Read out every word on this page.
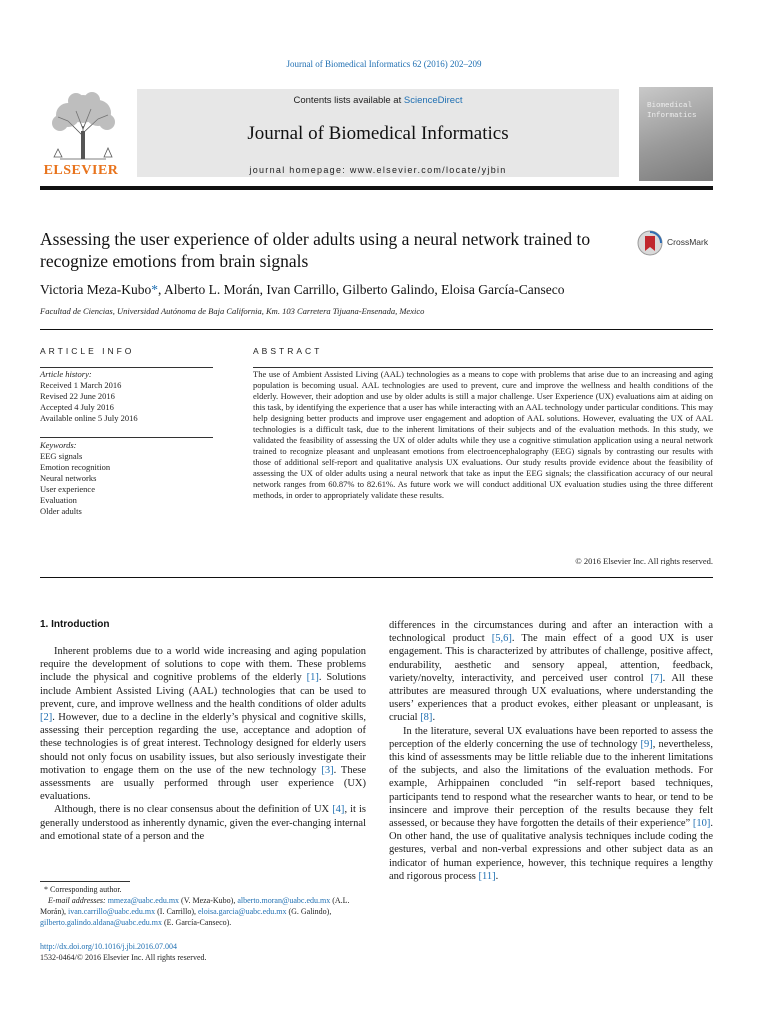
Journal of Biomedical Informatics 62 (2016) 202–209
ELSEVIER
Contents lists available at ScienceDirect
Journal of Biomedical Informatics
journal homepage: www.elsevier.com/locate/yjbin
Biomedical Informatics
Assessing the user experience of older adults using a neural network trained to recognize emotions from brain signals
CrossMark
Victoria Meza-Kubo*, Alberto L. Morán, Ivan Carrillo, Gilberto Galindo, Eloisa García-Canseco
Facultad de Ciencias, Universidad Autónoma de Baja California, Km. 103 Carretera Tijuana-Ensenada, Mexico
ARTICLE INFO	ABSTRACT
Article history:
Received 1 March 2016
Revised 22 June 2016
Accepted 4 July 2016
Available online 5 July 2016
Keywords:
EEG signals
Emotion recognition
Neural networks
User experience
Evaluation
Older adults
The use of Ambient Assisted Living (AAL) technologies as a means to cope with problems that arise due to an increasing and aging population is becoming usual. AAL technologies are used to prevent, cure and improve the wellness and health conditions of the elderly. However, their adoption and use by older adults is still a major challenge. User Experience (UX) evaluations aim at aiding on this task, by identifying the experience that a user has while interacting with an AAL technology under particular conditions. This may help designing better products and improve user engagement and adoption of AAL solutions. However, evaluating the UX of AAL technologies is a difficult task, due to the inherent limitations of their subjects and of the evaluation methods. In this study, we validated the feasibility of assessing the UX of older adults while they use a cognitive stimulation application using a neural network trained to recognize pleasant and unpleasant emotions from electroencephalography (EEG) signals by contrasting our results with those of additional self-report and qualitative analysis UX evaluations. Our study results provide evidence about the feasibility of assessing the UX of older adults using a neural network that take as input the EEG signals; the classification accuracy of our neural network ranges from 60.87% to 82.61%. As future work we will conduct additional UX evaluation studies using the three different methods, in order to appropriately validate these results.
© 2016 Elsevier Inc. All rights reserved.
1. Introduction

Inherent problems due to a world wide increasing and aging population require the development of solutions to cope with them. These problems include the physical and cognitive problems of the elderly [1]. Solutions include Ambient Assisted Living (AAL) technologies that can be used to prevent, cure, and improve wellness and the health conditions of older adults [2]. However, due to a decline in the elderly’s physical and cognitive skills, assessing their perception regarding the use, acceptance and adoption of these technologies is of great interest. Technology designed for elderly users should not only focus on usability issues, but also seriously investigate their motivation to engage them on the use of the new technology [3]. These assessments are usually performed through user experience (UX) evaluations.

Although, there is no clear consensus about the definition of UX [4], it is generally understood as inherently dynamic, given the ever-changing internal and emotional state of a person and the

differences in the circumstances during and after an interaction with a technological product [5,6]. The main effect of a good UX is user engagement. This is characterized by attributes of challenge, positive affect, endurability, aesthetic and sensory appeal, attention, feedback, variety/novelty, interactivity, and perceived user control [7]. All these attributes are measured through UX evaluations, where understanding the users’ experiences that a product evokes, either pleasant or unpleasant, is crucial [8].

In the literature, several UX evaluations have been reported to assess the perception of the elderly concerning the use of technology [9], nevertheless, this kind of assessments may be little reliable due to the inherent limitations of the subjects, and also the limitations of the evaluation methods. For example, Arhippainen concluded “in self-report based techniques, participants tend to respond what the researcher wants to hear, or tend to be insincere and improve their perception of the results because they felt assessed, or because they have forgotten the details of their experience” [10]. On other hand, the use of qualitative analysis techniques include coding the gestures, verbal and non-verbal expressions and other subject data as an indicator of human experience, however, this technique requires a lengthy and rigorous process [11].

* Corresponding author.

E-mail addresses: mmeza@uabc.edu.mx (V. Meza-Kubo), alberto.moran@uabc.edu.mx (A.L. Morán), ivan.carrillo@uabc.edu.mx (I. Carrillo), eloisa.garcia@uabc.edu.mx (G. Galindo), gilberto.galindo.aldana@uabc.edu.mx (E. García-Canseco).

http://dx.doi.org/10.1016/j.jbi.2016.07.004
1532-0464/© 2016 Elsevier Inc. All rights reserved.
